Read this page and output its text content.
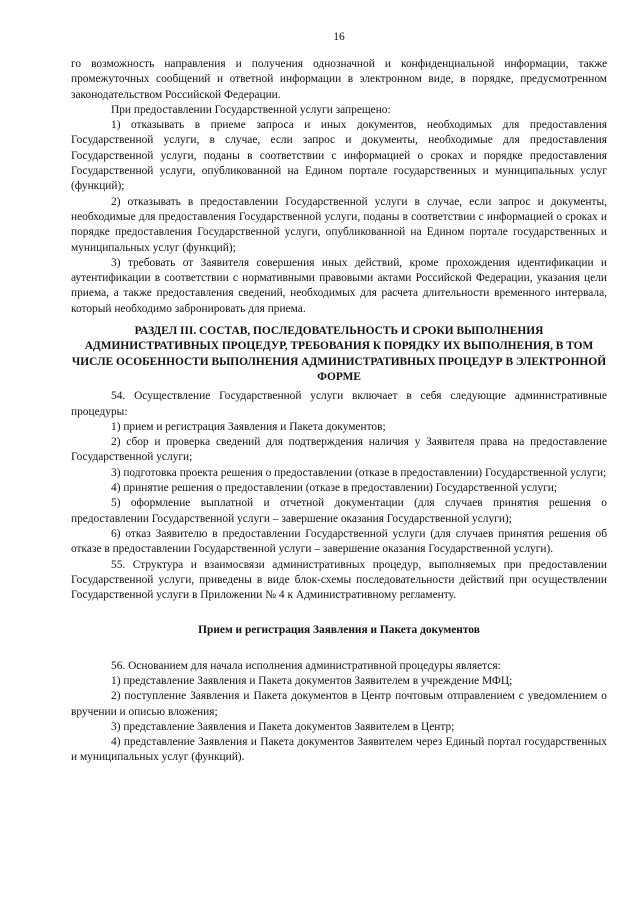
16

го возможность направления и получения однозначной и конфиденциальной информации, также промежуточных сообщений и ответной информации в электронном виде, в порядке, предусмотренном законодательством Российской Федерации.

При предоставлении Государственной услуги запрещено:

1) отказывать в приеме запроса и иных документов, необходимых для предоставления Государственной услуги, в случае, если запрос и документы, необходимые для предоставления Государственной услуги, поданы в соответствии с информацией о сроках и порядке предоставления Государственной услуги, опубликованной на Едином портале государственных и муниципальных услуг (функций);

2) отказывать в предоставлении Государственной услуги в случае, если запрос и документы, необходимые для предоставления Государственной услуги, поданы в соответствии с информацией о сроках и порядке предоставления Государственной услуги, опубликованной на Едином портале государственных и муниципальных услуг (функций);

3) требовать от Заявителя совершения иных действий, кроме прохождения идентификации и аутентификации в соответствии с нормативными правовыми актами Российской Федерации, указания цели приема, а также предоставления сведений, необходимых для расчета длительности временного интервала, который необходимо забронировать для приема.

РАЗДЕЛ III. СОСТАВ, ПОСЛЕДОВАТЕЛЬНОСТЬ И СРОКИ ВЫПОЛНЕНИЯ АДМИНИСТРАТИВНЫХ ПРОЦЕДУР, ТРЕБОВАНИЯ К ПОРЯДКУ ИХ ВЫПОЛНЕНИЯ, В ТОМ ЧИСЛЕ ОСОБЕННОСТИ ВЫПОЛНЕНИЯ АДМИНИСТРАТИВНЫХ ПРОЦЕДУР В ЭЛЕКТРОННОЙ ФОРМЕ

54. Осуществление Государственной услуги включает в себя следующие административные процедуры:

1) прием и регистрация Заявления и Пакета документов;

2) сбор и проверка сведений для подтверждения наличия у Заявителя права на предоставление Государственной услуги;

3) подготовка проекта решения о предоставлении (отказе в предоставлении) Государственной услуги;

4) принятие решения о предоставлении (отказе в предоставлении) Государственной услуги;

5) оформление выплатной и отчетной документации (для случаев принятия решения о предоставлении Государственной услуги – завершение оказания Государственной услуги);

6) отказ Заявителю в предоставлении Государственной услуги (для случаев принятия решения об отказе в предоставлении Государственной услуги – завершение оказания Государственной услуги).

55. Структура и взаимосвязи административных процедур, выполняемых при предоставлении Государственной услуги, приведены в виде блок-схемы последовательности действий при осуществлении Государственной услуги в Приложении № 4 к Административному регламенту.

Прием и регистрация Заявления и Пакета документов

56. Основанием для начала исполнения административной процедуры является:

1) представление Заявления и Пакета документов Заявителем в учреждение МФЦ;

2) поступление Заявления и Пакета документов в Центр почтовым отправлением с уведомлением о вручении и описью вложения;

3) представление Заявления и Пакета документов Заявителем в Центр;

4) представление Заявления и Пакета документов Заявителем через Единый портал государственных и муниципальных услуг (функций).
